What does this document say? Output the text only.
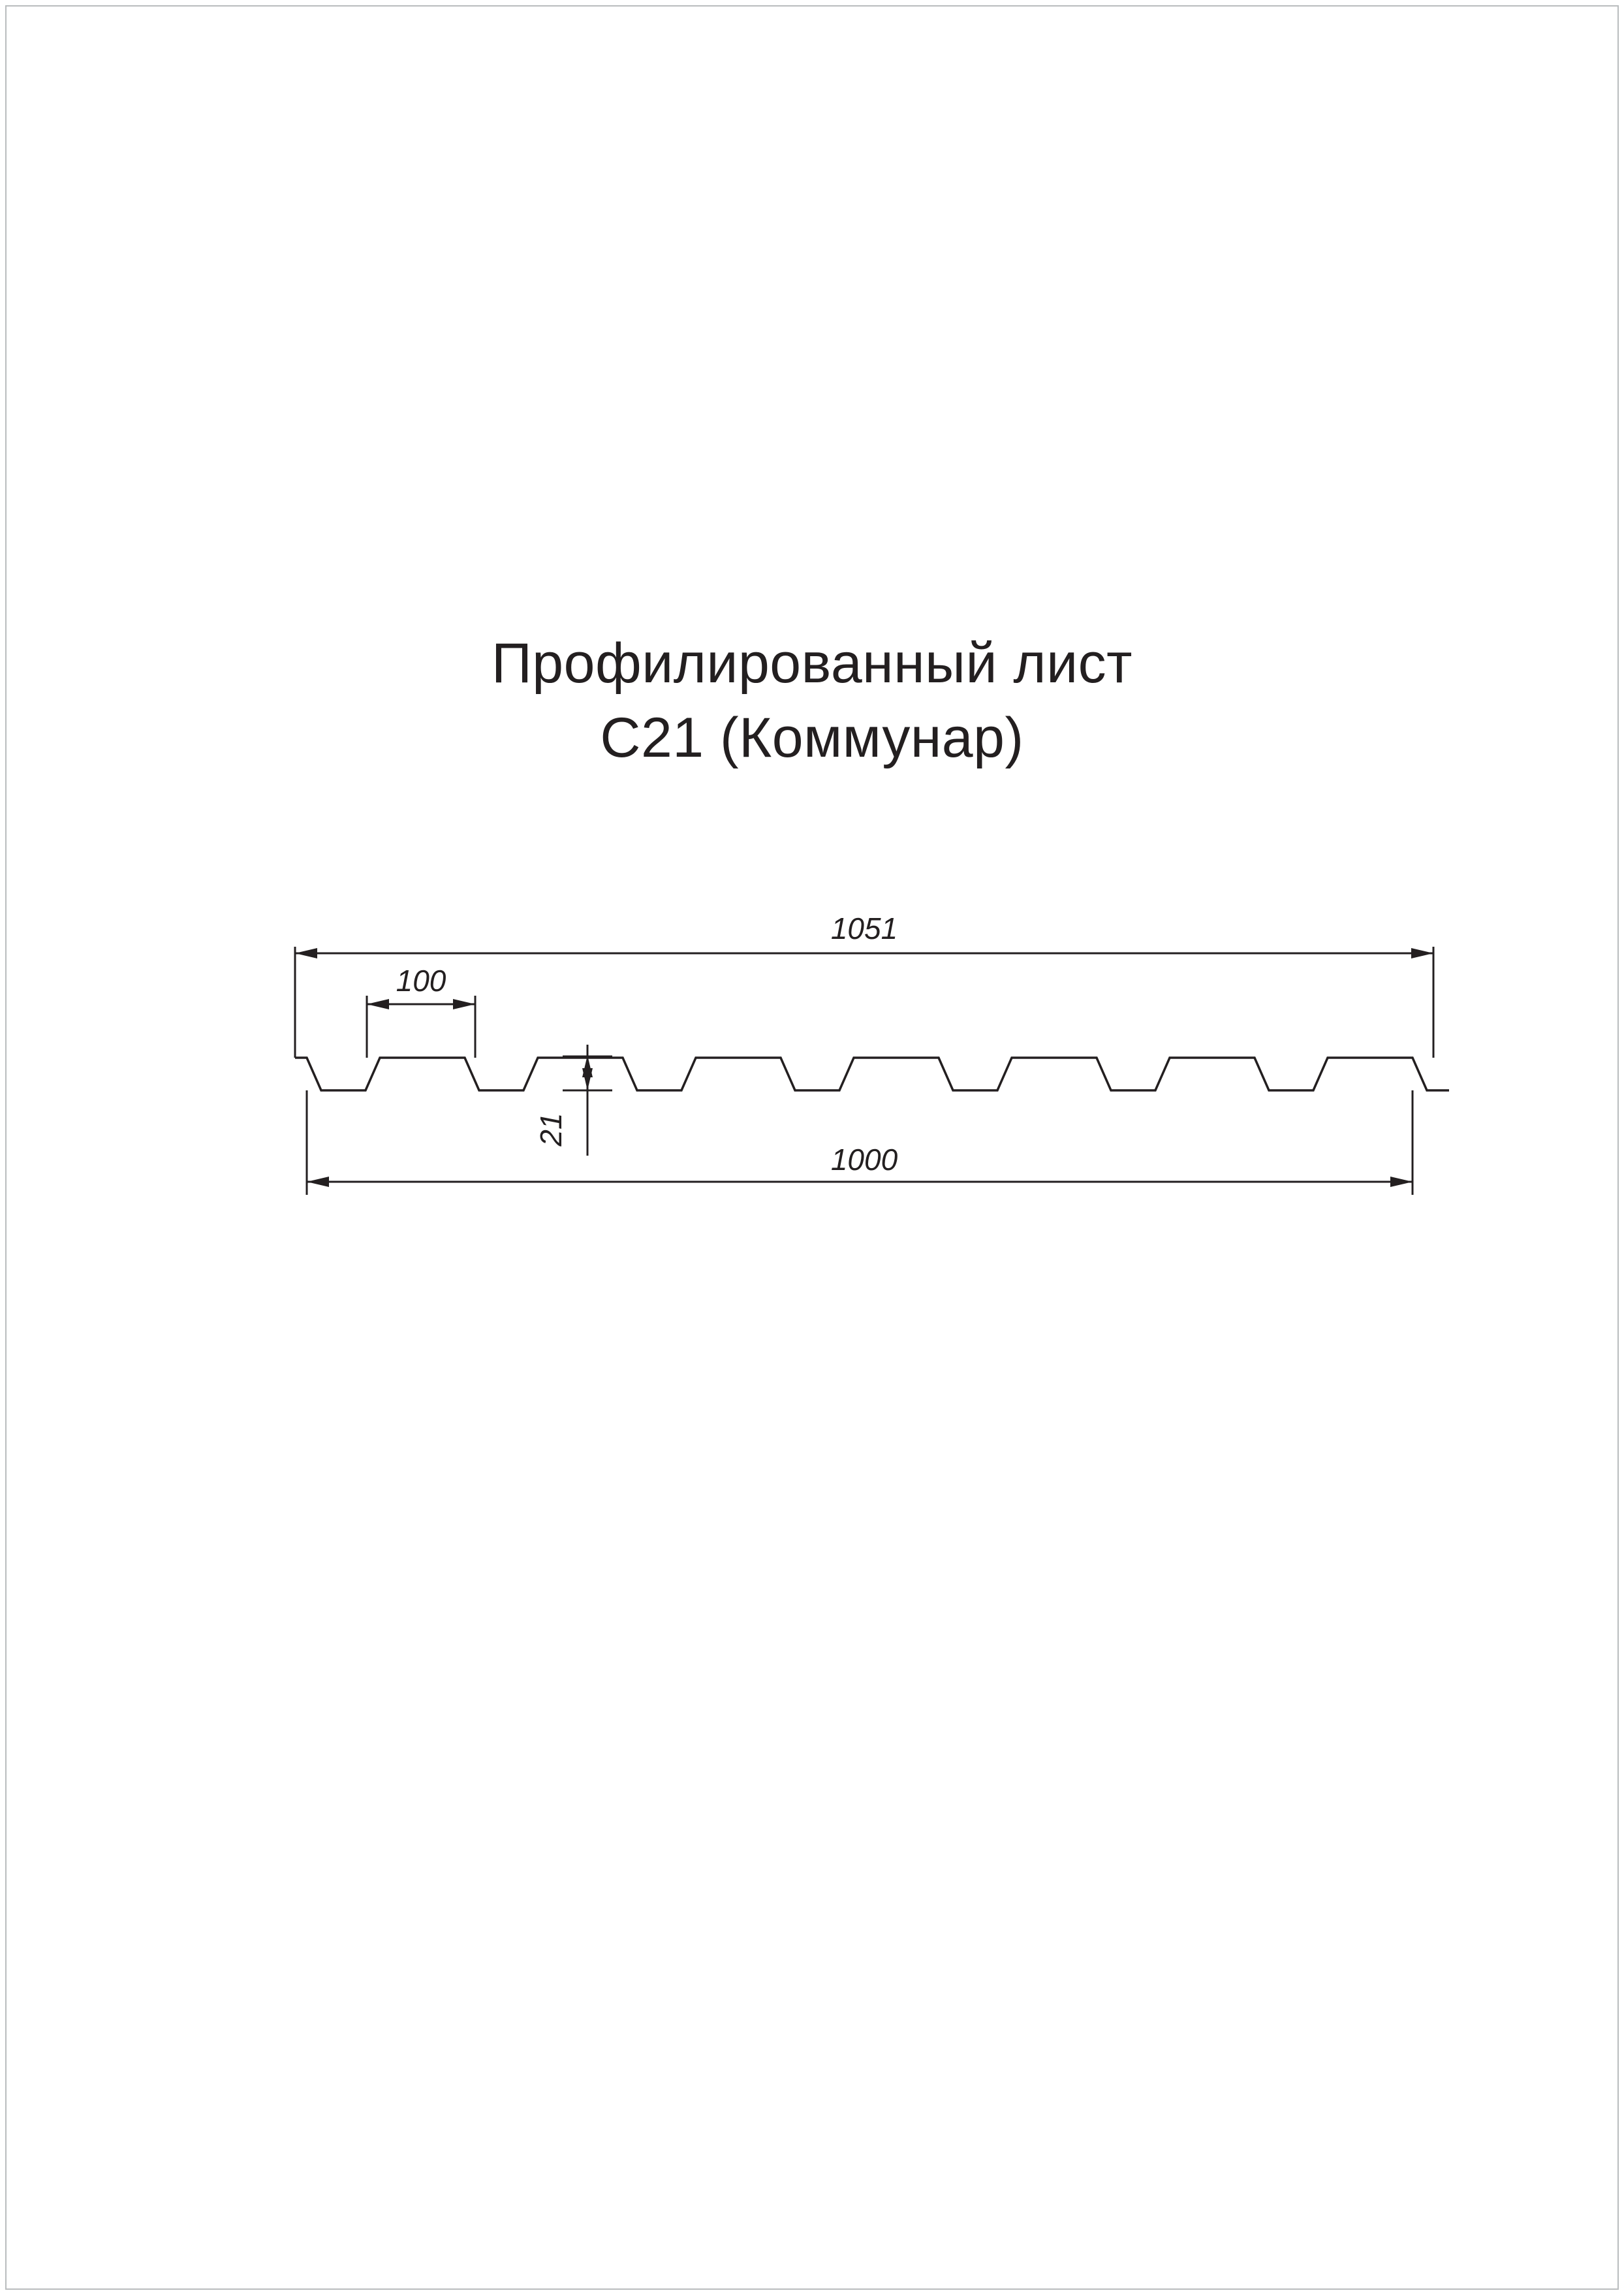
Профилированный лист
С21 (Коммунар)
1051
100
1000
21
